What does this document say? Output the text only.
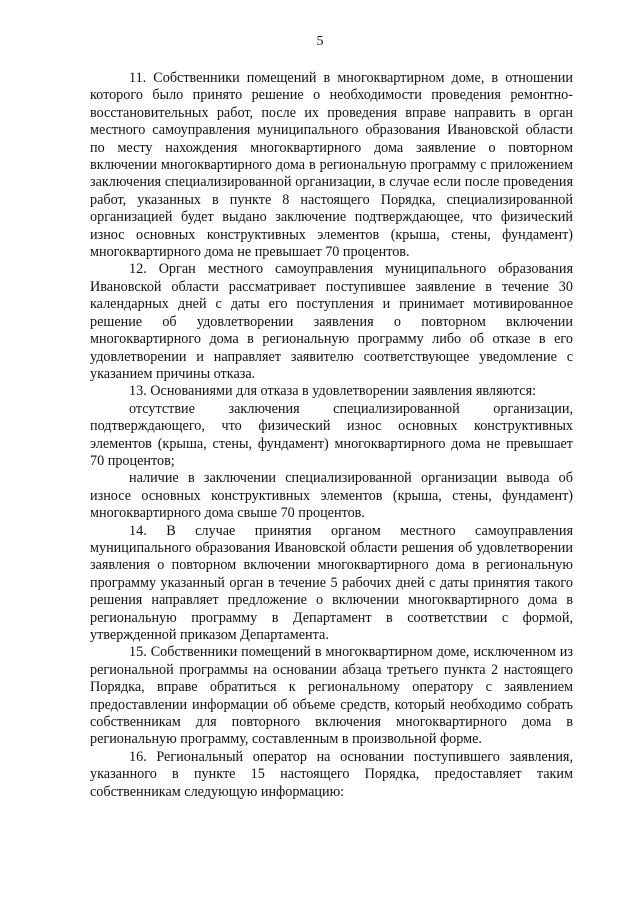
5

11. Собственники помещений в многоквартирном доме, в отношении которого было принято решение о необходимости проведения ремонтно-восстановительных работ, после их проведения вправе направить в орган местного самоуправления муниципального образования Ивановской области по месту нахождения многоквартирного дома заявление о повторном включении многоквартирного дома в региональную программу с приложением заключения специализированной организации, в случае если после проведения работ, указанных в пункте 8 настоящего Порядка, специализированной организацией будет выдано заключение подтверждающее, что физический износ основных конструктивных элементов (крыша, стены, фундамент) многоквартирного дома не превышает 70 процентов.

12. Орган местного самоуправления муниципального образования Ивановской области рассматривает поступившее заявление в течение 30 календарных дней с даты его поступления и принимает мотивированное решение об удовлетворении заявления о повторном включении многоквартирного дома в региональную программу либо об отказе в его удовлетворении и направляет заявителю соответствующее уведомление с указанием причины отказа.

13. Основаниями для отказа в удовлетворении заявления являются:

отсутствие заключения специализированной организации, подтверждающего, что физический износ основных конструктивных элементов (крыша, стены, фундамент) многоквартирного дома не превышает 70 процентов;

наличие в заключении специализированной организации вывода об износе основных конструктивных элементов (крыша, стены, фундамент) многоквартирного дома свыше 70 процентов.

14. В случае принятия органом местного самоуправления муниципального образования Ивановской области решения об удовлетворении заявления о повторном включении многоквартирного дома в региональную программу указанный орган в течение 5 рабочих дней с даты принятия такого решения направляет предложение о включении многоквартирного дома в региональную программу в Департамент в соответствии с формой, утвержденной приказом Департамента.

15. Собственники помещений в многоквартирном доме, исключенном из региональной программы на основании абзаца третьего пункта 2 настоящего Порядка, вправе обратиться к региональному оператору с заявлением предоставлении информации об объеме средств, который необходимо собрать собственникам для повторного включения многоквартирного дома в региональную программу, составленным в произвольной форме.

16. Региональный оператор на основании поступившего заявления, указанного в пункте 15 настоящего Порядка, предоставляет таким собственникам следующую информацию:
